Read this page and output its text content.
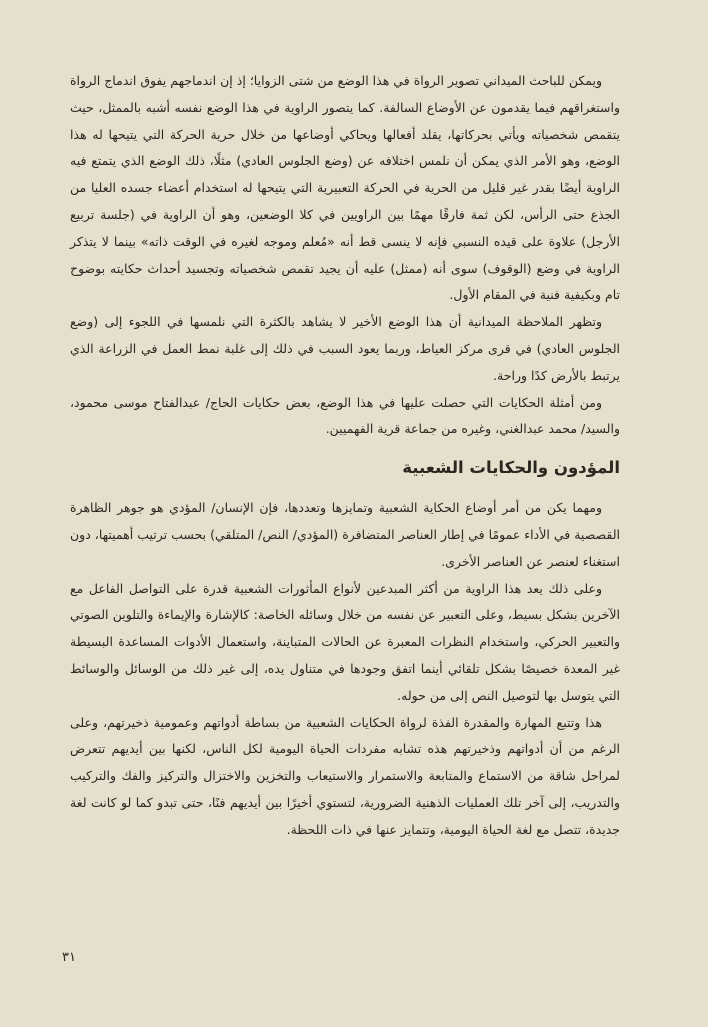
ويمكن للباحث الميداني تصوير الرواة في هذا الوضع من شتى الزوايا؛ إذ إن اندماجهم يفوق اندماج الرواة واستغراقهم فيما يقدمون عن الأوضاع السالفة. كما يتصور الراوية في هذا الوضع نفسه أشبه بالممثل، حيث يتقمص شخصياته ويأتي بحركاتها، يقلد أفعالها ويحاكي أوضاعها من خلال حرية الحركة التي يتيحها له هذا الوضع، وهو الأمر الذي يمكن أن نلمس اختلافه عن (وضع الجلوس العادي) مثلًا، ذلك الوضع الذي يتمتع فيه الراوية أيضًا بقدر غير قليل من الحرية في الحركة التعبيرية التي يتيحها له استخدام أعضاء جسده العليا من الجذع حتى الرأس، لكن ثمة فارقًا مهمًا بين الراويين في كلا الوضعين، وهو أن الراوية في (جلسة تربيع الأرجل) علاوة على قيده النسبي فإنه لا ينسى قط أنه «مُعلم وموجه لغيره في الوقت ذاته» بينما لا يتذكر الراوية في وضع (الوقوف) سوى أنه (ممثل) عليه أن يجيد تقمص شخصياته وتجسيد أحداث حكايته بوضوح تام وبكيفية فنية في المقام الأول.

وتظهر الملاحظة الميدانية أن هذا الوضع الأخير لا يشاهد بالكثرة التي نلمسها في اللجوء إلى (وضع الجلوس العادي) في قرى مركز العياط، وربما يعود السبب في ذلك إلى غلبة نمط العمل في الزراعة الذي يرتبط بالأرض كدًا وراحة.

ومن أمثلة الحكايات التي حصلت عليها في هذا الوضع، بعض حكايات الحاج/ عبدالفتاح موسى محمود، والسيد/ محمد عبدالغني، وغيره من جماعة قرية الفهميين.

المؤدون والحكايات الشعبية

ومهما يكن من أمر أوضاع الحكاية الشعبية وتمايزها وتعددها، فإن الإنسان/ المؤدي هو جوهر الظاهرة القصصية في الأداء عمومًا في إطار العناصر المتضافرة (المؤدي/ النص/ المتلقي) بحسب ترتيب أهميتها، دون استغناء لعنصر عن العناصر الأخرى.

وعلى ذلك يعد هذا الراوية من أكثر المبدعين لأنواع المأثورات الشعبية قدرة على التواصل الفاعل مع الآخرين بشكل بسيط، وعلى التعبير عن نفسه من خلال وسائله الخاصة: كالإشارة والإيماءة والتلوين الصوتي والتعبير الحركي، واستخدام النظرات المعبرة عن الحالات المتباينة، واستعمال الأدوات المساعدة البسيطة غير المعدة خصيصًا بشكل تلقائي أينما اتفق وجودها في متناول يده، إلى غير ذلك من الوسائل والوسائط التي يتوسل بها لتوصيل النص إلى من حوله.

هذا وتتبع المهارة والمقدرة الفذة لرواة الحكايات الشعبية من بساطة أدواتهم وعمومية ذخيرتهم، وعلى الرغم من أن أدواتهم وذخيرتهم هذه تشابه مفردات الحياة اليومية لكل الناس، لكنها بين أيديهم تتعرض لمراحل شاقة من الاستماع والمتابعة والاستمرار والاستيعاب والتخزين والاختزال والتركيز والفك والتركيب والتدريب، إلى آخر تلك العمليات الذهنية الضرورية، لتستوي أخيرًا بين أيديهم فنًا، حتى تبدو كما لو كانت لغة جديدة، تتصل مع لغة الحياة اليومية، وتتمايز عنها في ذات اللحظة.

٣١
